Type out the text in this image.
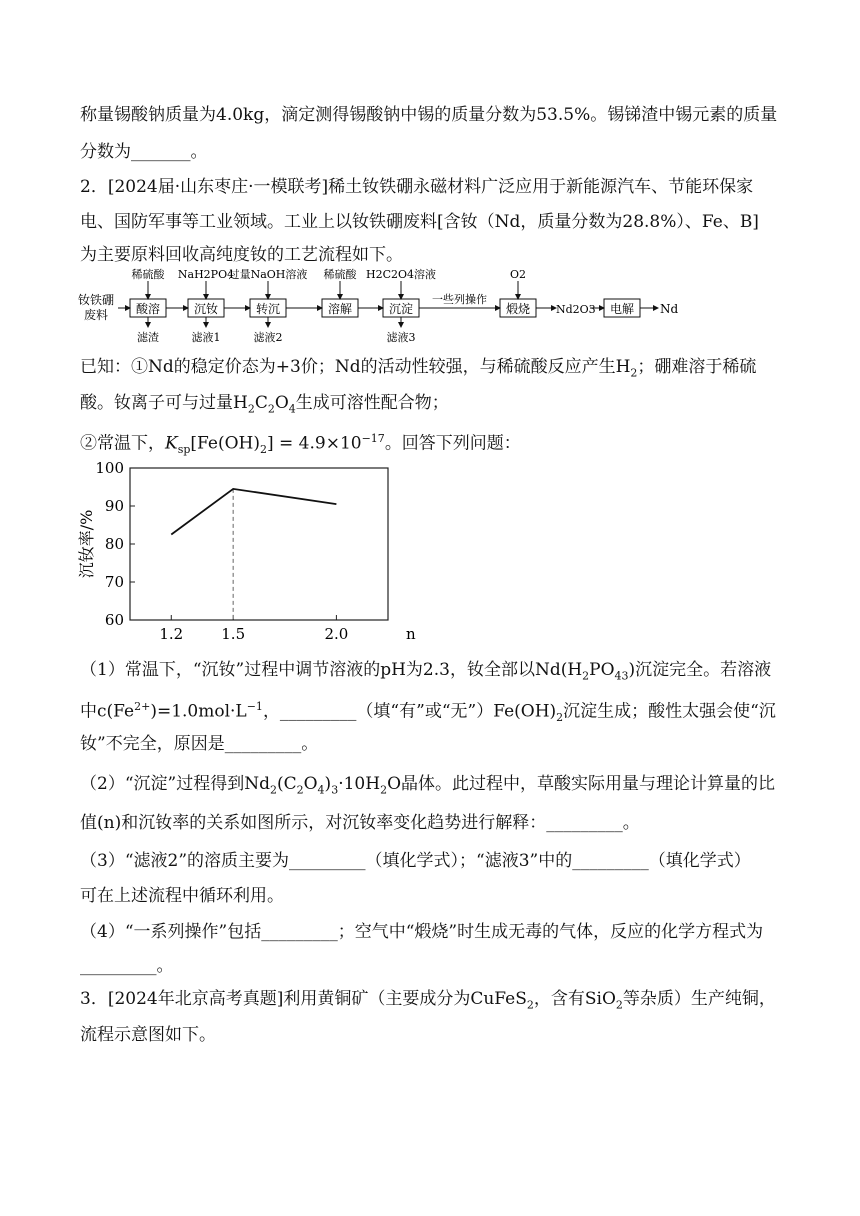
称量锡酸钠质量为4.0kg，滴定测得锡酸钠中锡的质量分数为53.5%。锡锑渣中锡元素的质量
分数为_______。
2．[2024届·山东枣庄·一模联考]稀土钕铁硼永磁材料广泛应用于新能源汽车、节能环保家
电、国防军事等工业领域。工业上以钕铁硼废料[含钕（Nd，质量分数为28.8%）、Fe、B]
为主要原料回收高纯度钕的工艺流程如下。
钕铁硼
废料 酸溶	沉钕	转沉	溶解	沉淀	煅烧	电解
一些列操作
Nd2O3	Nd
稀硫酸 NaH2PO4
过量NaOH溶液 稀硫酸 H2C2O4溶液	O2
滤渣	滤液1	滤液2	滤液3
已知：①Nd的稳定价态为+3价；Nd的活动性较强，与稀硫酸反应产生$H_2$；硼难溶于稀硫
酸。钕离子可与过量$H_2C_2O_4$生成可溶性配合物；
②常温下，$K_{sp}[Fe(OH)_2] = 4.9\times 10^{-17}$。回答下列问题：
60
70
80
90
100
1.2	1.5	2.0	n
沉钕率/%
（1）常温下，“沉钕”过程中调节溶液的pH为2.3，钕全部以$Nd(H_2PO_{43})$沉淀完全。若溶液
中$c(Fe^{2+})=1.0mol\cdot L^{-1}$，_________（填“有”或“无$”)Fe(OH)_2$沉淀生成；酸性太强会使“沉
钕”不完全，原因是_________。
（2）“沉淀”过程得到$Nd_2(C_2O_4)_3\cdot 10H_2O$晶体。此过程中，草酸实际用量与理论计算量的比
值(n)和沉钕率的关系如图所示，对沉钕率变化趋势进行解释：_________。
（3）“滤液2”的溶质主要为_________（填化学式）；“滤液3”中的_________（填化学式）
可在上述流程中循环利用。
（4）“一系列操作”包括_________；空气中“煅烧”时生成无毒的气体，反应的化学方程式为
_________。
3．[2024年北京高考真题]利用黄铜矿（主要成分为CuFeS$_2$，含有SiO$_2$等杂质）生产纯铜，
流程示意图如下。
